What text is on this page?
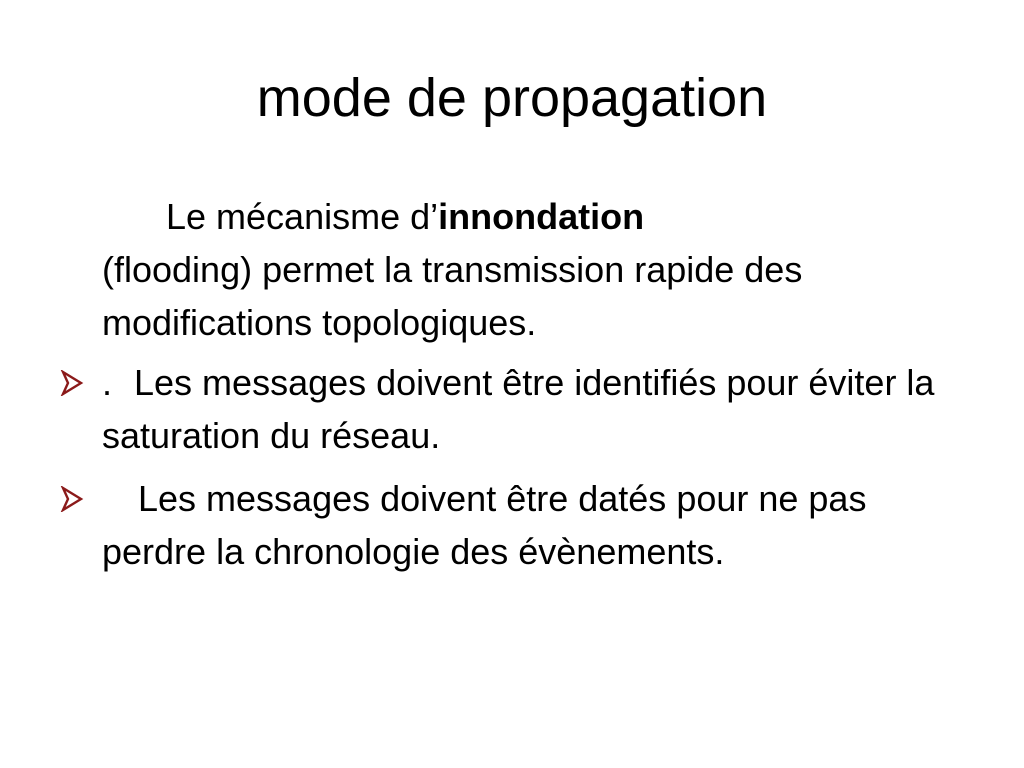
mode de propagation

Le mécanisme d’innondation
(flooding) permet la transmission rapide des modifications topologiques.

. Les messages doivent être identifiés pour éviter la saturation du réseau.

Les messages doivent être datés pour ne pas perdre la chronologie des évènements.
